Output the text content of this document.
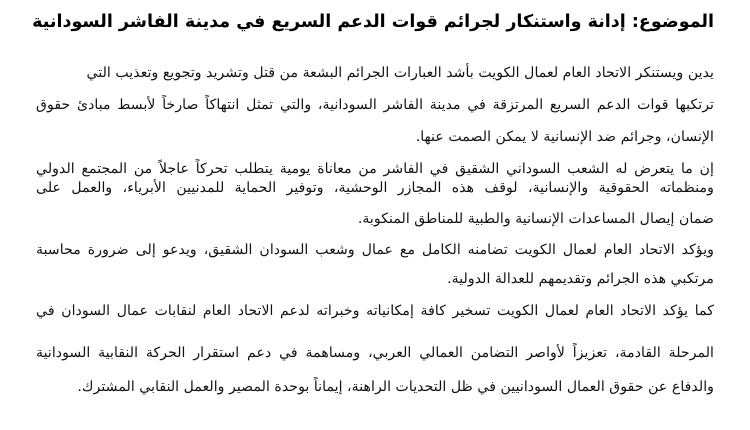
الموضوع: إدانة واستنكار لجرائم قوات الدعم السريع في مدينة الفاشر السودانية
يدين ويستنكر الاتحاد العام لعمال الكويت بأشد العبارات الجرائم البشعة من قتل وتشريد وتجويع وتعذيب التي
ترتكبها قوات الدعم السريع المرتزقة في مدينة الفاشر السودانية، والتي تمثل انتهاكاً صارخاً لأبسط مبادئ حقوق
الإنسان، وجرائم ضد الإنسانية لا يمكن الصمت عنها.
إن ما يتعرض له الشعب السوداني الشقيق في الفاشر من معاناة يومية يتطلب تحركاً عاجلاً من المجتمع الدولي
ومنظماته الحقوقية والإنسانية، لوقف هذه المجازر الوحشية، وتوفير الحماية للمدنيين الأبرياء، والعمل على
ضمان إيصال المساعدات الإنسانية والطبية للمناطق المنكوبة.
ويؤكد الاتحاد العام لعمال الكويت تضامنه الكامل مع عمال وشعب السودان الشقيق، ويدعو إلى ضرورة محاسبة
مرتكبي هذه الجرائم وتقديمهم للعدالة الدولية.
كما يؤكد الاتحاد العام لعمال الكويت تسخير كافة إمكانياته وخبراته لدعم الاتحاد العام لنقابات عمال السودان في
المرحلة القادمة، تعزيزاً لأواصر التضامن العمالي العربي، ومساهمة في دعم استقرار الحركة النقابية السودانية
والدفاع عن حقوق العمال السودانيين في ظل التحديات الراهنة، إيماناً بوحدة المصير والعمل النقابي المشترك.
